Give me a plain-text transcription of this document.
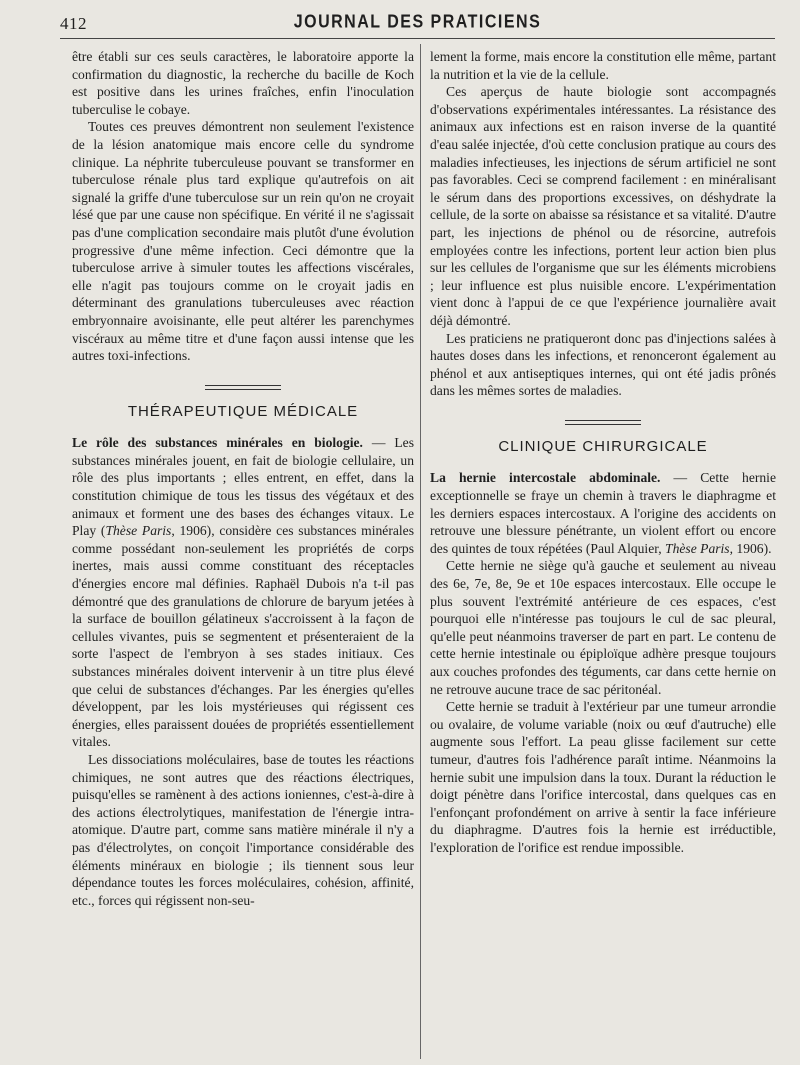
412	JOURNAL DES PRATICIENS

être établi sur ces seuls caractères, le laboratoire apporte la confirmation du diagnostic, la recherche du bacille de Koch est positive dans les urines fraîches, enfin l'inoculation tuberculise le cobaye.

Toutes ces preuves démontrent non seulement l'existence de la lésion anatomique mais encore celle du syndrome clinique. La néphrite tuberculeuse pouvant se transformer en tuberculose rénale plus tard explique qu'autrefois on ait signalé la griffe d'une tuberculose sur un rein qu'on ne croyait lésé que par une cause non spécifique. En vérité il ne s'agissait pas d'une complication secondaire mais plutôt d'une évolution progressive d'une même infection. Ceci démontre que la tuberculose arrive à simuler toutes les affections viscérales, elle n'agit pas toujours comme on le croyait jadis en déterminant des granulations tuberculeuses avec réaction embryonnaire avoisinante, elle peut altérer les parenchymes viscéraux au même titre et d'une façon aussi intense que les autres toxi-infections.

THÉRAPEUTIQUE MÉDICALE

Le rôle des substances minérales en biologie. — Les substances minérales jouent, en fait de biologie cellulaire, un rôle des plus importants ; elles entrent, en effet, dans la constitution chimique de tous les tissus des végétaux et des animaux et forment une des bases des échanges vitaux. Le Play (Thèse Paris, 1906), considère ces substances minérales comme possédant non-seulement les propriétés de corps inertes, mais aussi comme constituant des réceptacles d'énergies encore mal définies. Raphaël Dubois n'a t-il pas démontré que des granulations de chlorure de baryum jetées à la surface de bouillon gélatineux s'accroissent à la façon de cellules vivantes, puis se segmentent et présenteraient de la sorte l'aspect de l'embryon à ses stades initiaux. Ces substances minérales doivent intervenir à un titre plus élevé que celui de substances d'échanges. Par les énergies qu'elles développent, par les lois mystérieuses qui régissent ces énergies, elles paraissent douées de propriétés essentiellement vitales.

Les dissociations moléculaires, base de toutes les réactions chimiques, ne sont autres que des réactions électriques, puisqu'elles se ramènent à des actions ioniennes, c'est-à-dire à des actions électrolytiques, manifestation de l'énergie intra-atomique. D'autre part, comme sans matière minérale il n'y a pas d'électrolytes, on conçoit l'importance considérable des éléments minéraux en biologie ; ils tiennent sous leur dépendance toutes les forces moléculaires, cohésion, affinité, etc., forces qui régissent non-seu-

lement la forme, mais encore la constitution elle même, partant la nutrition et la vie de la cellule.

Ces aperçus de haute biologie sont accompagnés d'observations expérimentales intéressantes. La résistance des animaux aux infections est en raison inverse de la quantité d'eau salée injectée, d'où cette conclusion pratique au cours des maladies infectieuses, les injections de sérum artificiel ne sont pas favorables. Ceci se comprend facilement : en minéralisant le sérum dans des proportions excessives, on déshydrate la cellule, de la sorte on abaisse sa résistance et sa vitalité. D'autre part, les injections de phénol ou de résorcine, autrefois employées contre les infections, portent leur action bien plus sur les cellules de l'organisme que sur les éléments microbiens ; leur influence est plus nuisible encore. L'expérimentation vient donc à l'appui de ce que l'expérience journalière avait déjà démontré.

Les praticiens ne pratiqueront donc pas d'injections salées à hautes doses dans les infections, et renonceront également au phénol et aux antiseptiques internes, qui ont été jadis prônés dans les mêmes sortes de maladies.

CLINIQUE CHIRURGICALE

La hernie intercostale abdominale. — Cette hernie exceptionnelle se fraye un chemin à travers le diaphragme et les derniers espaces intercostaux. A l'origine des accidents on retrouve une blessure pénétrante, un violent effort ou encore des quintes de toux répétées (Paul Alquier, Thèse Paris, 1906).

Cette hernie ne siège qu'à gauche et seulement au niveau des 6e, 7e, 8e, 9e et 10e espaces intercostaux. Elle occupe le plus souvent l'extrémité antérieure de ces espaces, c'est pourquoi elle n'intéresse pas toujours le cul de sac pleural, qu'elle peut néanmoins traverser de part en part. Le contenu de cette hernie intestinale ou épiploïque adhère presque toujours aux couches profondes des téguments, car dans cette hernie on ne retrouve aucune trace de sac péritonéal.

Cette hernie se traduit à l'extérieur par une tumeur arrondie ou ovalaire, de volume variable (noix ou œuf d'autruche) elle augmente sous l'effort. La peau glisse facilement sur cette tumeur, d'autres fois l'adhérence paraît intime. Néanmoins la hernie subit une impulsion dans la toux. Durant la réduction le doigt pénètre dans l'orifice intercostal, dans quelques cas en l'enfonçant profondément on arrive à sentir la face inférieure du diaphragme. D'autres fois la hernie est irréductible, l'exploration de l'orifice est rendue impossible.
